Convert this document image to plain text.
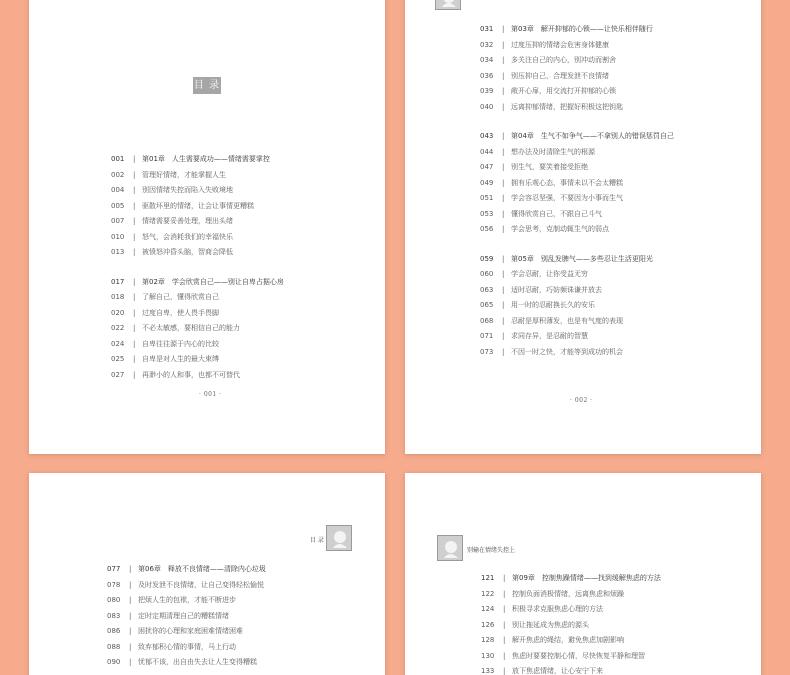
目 录
001	| 第01章　人生需要成功——情绪需要掌控
002	| 管理好情绪，才能掌握人生
004	| 别因情绪失控而陷入失败境地
005	| 驱散坏里的情绪，让会让事情更糟糕
007	| 情绪需要妥善处理，理出头绪
010	| 怒气，会消耗我们的幸福快乐
013	| 被愤怒冲昏头脑，智商会降低
017	| 第02章　学会欣赏自己——别让自卑占据心房
018	| 了解自己，懂得欣赏自己
020	| 过度自卑，使人畏手畏脚
022	| 不必太敏感，要相信自己的能力
024	| 自卑往往源于内心的比较
025	| 自卑是对人生的最大束缚
027	| 再渺小的人和事，也都不可替代
· 001 ·
031	| 第03章　解开抑郁的心锁——让快乐相伴随行
032	| 过度压抑的情绪会危害身体健康
034	| 多关注自己的内心，别冲动而割舍
036	| 别压抑自己，合理发泄不良情绪
039	| 敞开心扉，用交流打开抑郁的心锁
040	| 远离抑郁情绪，把握好积极这把钥匙
043	| 第04章　生气不如争气——不拿别人的错误惩罚自己
044	| 想办法及时清除生气的根源
047	| 别生气，要笑着接受拒绝
049	| 拥有乐观心态，事情未以不会太糟糕
051	| 学会容忍坚强，不要因为小事而生气
053	| 懂得欣赏自己，不跟自己斗气
056	| 学会思考，克制动辄生气的弱点
059	| 第05章　别乱发脾气——多些忍让生活更阳光
060	| 学会忍耐，让你受益无穷
063	| 适时忍耐，巧妨频诛谦并放去
065	| 用一时的忍耐换长久的安乐
068	| 忍耐是厚积薄发，也是有气度的表现
071	| 求同存异，是忍耐的智慧
073	| 不因一时之快，才能等到成功的机会
· 002 ·
目 录
077	| 第06章　释放不良情绪——清除内心垃圾
078	| 及时发泄不良情绪，让自己变得轻松愉悦
080	| 把烦人生的包袱，才能不断进步
083	| 定时定期清理自己的糟糕情绪
086	| 困扰你的心理和家庭困难情绪困难
088	| 致弃郁积心情的事情，马上行动
090	| 忧郁不该，出自由失去让人生变得糟糕
别输在情绪失控上
121	| 第09章　控制焦躁情绪——找到缓解焦虑的方法
122	| 控制负面消极情绪，远离焦虑和烦躁
124	| 积极寻求克服焦虑心理的方法
126	| 别让拖延成为焦虑的源头
128	| 解开焦虑的绳结，避免焦虑加剧影响
130	| 焦虑时要要控制心情，尽快恢复平静和理智
133	| 放下焦虑情绪，让心安宁下来
